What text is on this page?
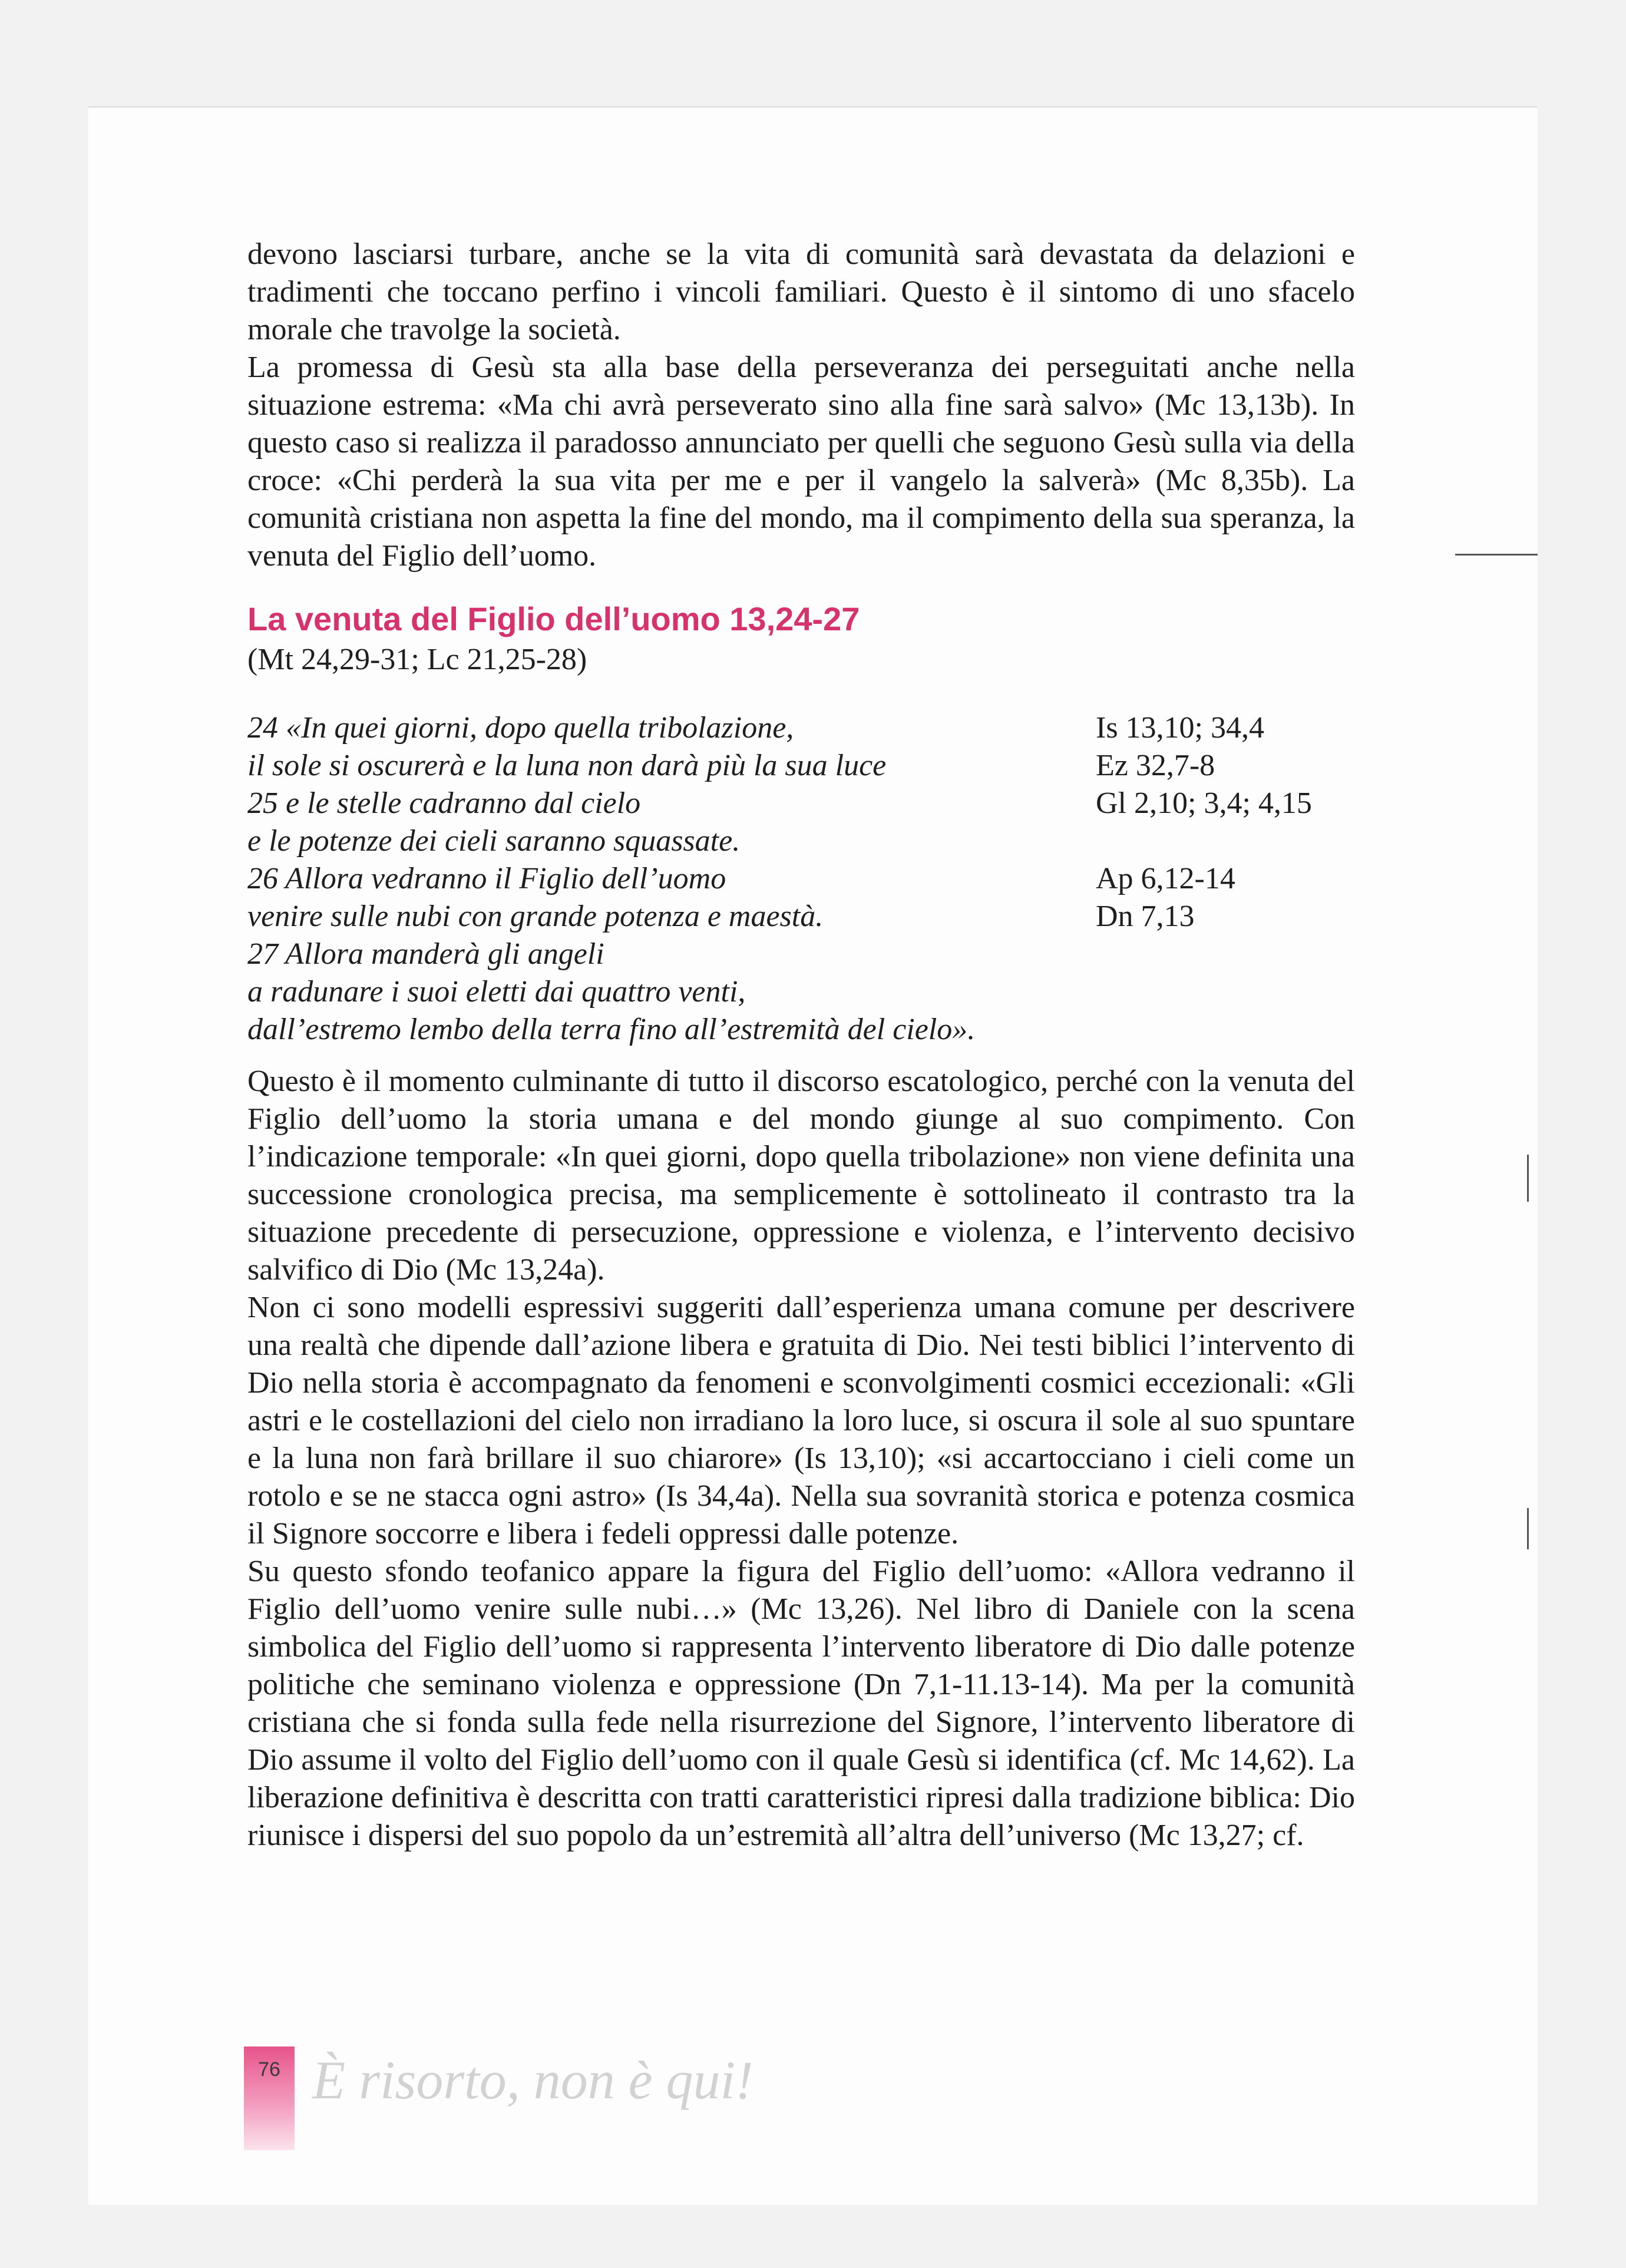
devono lasciarsi turbare, anche se la vita di comunità sarà devastata da delazioni e tradimenti che toccano perfino i vincoli familiari. Questo è il sintomo di uno sfacelo morale che travolge la società.

La promessa di Gesù sta alla base della perseveranza dei perseguitati anche nella situazione estrema: «Ma chi avrà perseverato sino alla fine sarà salvo» (Mc 13,13b). In questo caso si realizza il paradosso annunciato per quelli che seguono Gesù sulla via della croce: «Chi perderà la sua vita per me e per il vangelo la salverà» (Mc 8,35b). La comunità cristiana non aspetta la fine del mondo, ma il compimento della sua speranza, la venuta del Figlio dell’uomo.

La venuta del Figlio dell’uomo 13,24-27
(Mt 24,29-31; Lc 21,25-28)
24 «In quei giorni, dopo quella tribolazione,	Is 13,10; 34,4
il sole si oscurerà e la luna non darà più la sua luce	Ez 32,7-8
25 e le stelle cadranno dal cielo	Gl 2,10; 3,4; 4,15
e le potenze dei cieli saranno squassate.
26 Allora vedranno il Figlio dell’uomo	Ap 6,12-14
venire sulle nubi con grande potenza e maestà.	Dn 7,13
27 Allora manderà gli angeli
a radunare i suoi eletti dai quattro venti,
dall’estremo lembo della terra fino all’estremità del cielo».

Questo è il momento culminante di tutto il discorso escatologico, perché con la venuta del Figlio dell’uomo la storia umana e del mondo giunge al suo compimento. Con l’indicazione temporale: «In quei giorni, dopo quella tribolazione» non viene definita una successione cronologica precisa, ma semplicemente è sottolineato il contrasto tra la situazione precedente di persecuzione, oppressione e violenza, e l’intervento decisivo salvifico di Dio (Mc 13,24a).

Non ci sono modelli espressivi suggeriti dall’esperienza umana comune per descrivere una realtà che dipende dall’azione libera e gratuita di Dio. Nei testi biblici l’intervento di Dio nella storia è accompagnato da fenomeni e sconvolgimenti cosmici eccezionali: «Gli astri e le costellazioni del cielo non irradiano la loro luce, si oscura il sole al suo spuntare e la luna non farà brillare il suo chiarore» (Is 13,10); «si accartocciano i cieli come un rotolo e se ne stacca ogni astro» (Is 34,4a). Nella sua sovranità storica e potenza cosmica il Signore soccorre e libera i fedeli oppressi dalle potenze.

Su questo sfondo teofanico appare la figura del Figlio dell’uomo: «Allora vedranno il Figlio dell’uomo venire sulle nubi…» (Mc 13,26). Nel libro di Daniele con la scena simbolica del Figlio dell’uomo si rappresenta l’intervento liberatore di Dio dalle potenze politiche che seminano violenza e oppressione (Dn 7,1-11.13-14). Ma per la comunità cristiana che si fonda sulla fede nella risurrezione del Signore, l’intervento liberatore di Dio assume il volto del Figlio dell’uomo con il quale Gesù si identifica (cf. Mc 14,62). La liberazione definitiva è descritta con tratti caratteristici ripresi dalla tradizione biblica: Dio riunisce i dispersi del suo popolo da un’estremità all’altra dell’universo (Mc 13,27; cf.

76 È risorto, non è qui!
